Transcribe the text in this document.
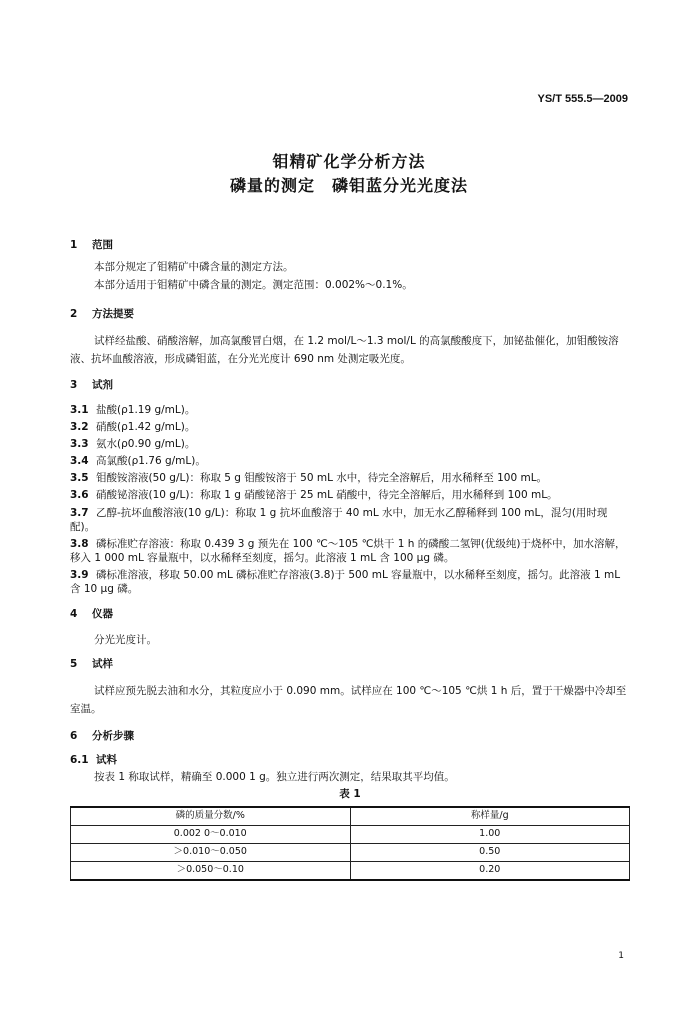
YS/T 555.5—2009
钼精矿化学分析方法
磷量的测定　磷钼蓝分光光度法

1 范围

本部分规定了钼精矿中磷含量的测定方法。

本部分适用于钼精矿中磷含量的测定。测定范围：0.002%～0.1%。

2 方法提要

试样经盐酸、硝酸溶解，加高氯酸冒白烟，在 1.2 mol/L～1.3 mol/L 的高氯酸酸度下，加铋盐催化，加钼酸铵溶液、抗坏血酸溶液，形成磷钼蓝，在分光光度计 690 nm 处测定吸光度。

3 试剂

3.1 盐酸(ρ1.19 g/mL)。

3.2 硝酸(ρ1.42 g/mL)。

3.3 氨水(ρ0.90 g/mL)。

3.4 高氯酸(ρ1.76 g/mL)。

3.5 钼酸铵溶液(50 g/L)：称取 5 g 钼酸铵溶于 50 mL 水中，待完全溶解后，用水稀释至 100 mL。

3.6 硝酸铋溶液(10 g/L)：称取 1 g 硝酸铋溶于 25 mL 硝酸中，待完全溶解后，用水稀释到 100 mL。

3.7 乙醇-抗坏血酸溶液(10 g/L)：称取 1 g 抗坏血酸溶于 40 mL 水中，加无水乙醇稀释到 100 mL，混匀(用时现配)。

3.8 磷标准贮存溶液：称取 0.439 3 g 预先在 100 ℃～105 ℃烘干 1 h 的磷酸二氢钾(优级纯)于烧杯中，加水溶解，移入 1 000 mL 容量瓶中，以水稀释至刻度，摇匀。此溶液 1 mL 含 100 μg 磷。

3.9 磷标准溶液，移取 50.00 mL 磷标准贮存溶液(3.8)于 500 mL 容量瓶中，以水稀释至刻度，摇匀。此溶液 1 mL 含 10 μg 磷。

4 仪器

分光光度计。

5 试样

试样应预先脱去油和水分，其粒度应小于 0.090 mm。试样应在 100 ℃～105 ℃烘 1 h 后，置于干燥器中冷却至室温。

6 分析步骤

6.1 试料

按表 1 称取试样，精确至 0.000 1 g。独立进行两次测定，结果取其平均值。

表 1

磷的质量分数/%	称样量/g
0.002 0～0.010	1.00
＞0.010～0.050	0.50
＞0.050～0.10	0.20
1
